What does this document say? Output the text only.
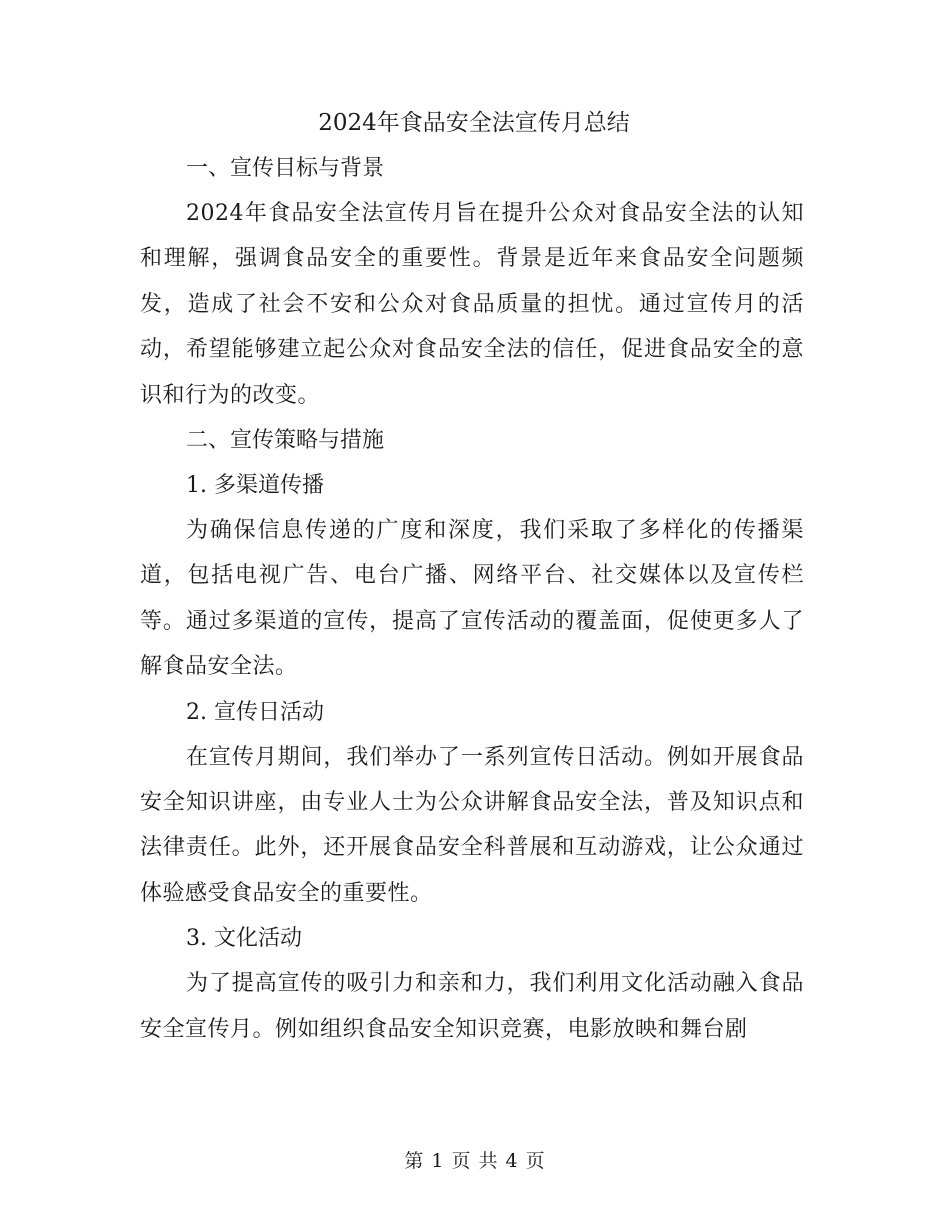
2024年食品安全法宣传月总结
一、宣传目标与背景

2024年食品安全法宣传月旨在提升公众对食品安全法的认知和理解，强调食品安全的重要性。背景是近年来食品安全问题频发，造成了社会不安和公众对食品质量的担忧。通过宣传月的活动，希望能够建立起公众对食品安全法的信任，促进食品安全的意识和行为的改变。

二、宣传策略与措施
1. 多渠道传播

为确保信息传递的广度和深度，我们采取了多样化的传播渠道，包括电视广告、电台广播、网络平台、社交媒体以及宣传栏等。通过多渠道的宣传，提高了宣传活动的覆盖面，促使更多人了解食品安全法。

2. 宣传日活动

在宣传月期间，我们举办了一系列宣传日活动。例如开展食品安全知识讲座，由专业人士为公众讲解食品安全法，普及知识点和法律责任。此外，还开展食品安全科普展和互动游戏，让公众通过体验感受食品安全的重要性。

3. 文化活动

为了提高宣传的吸引力和亲和力，我们利用文化活动融入食品安全宣传月。例如组织食品安全知识竞赛，电影放映和舞台剧

第 1 页 共 4 页
